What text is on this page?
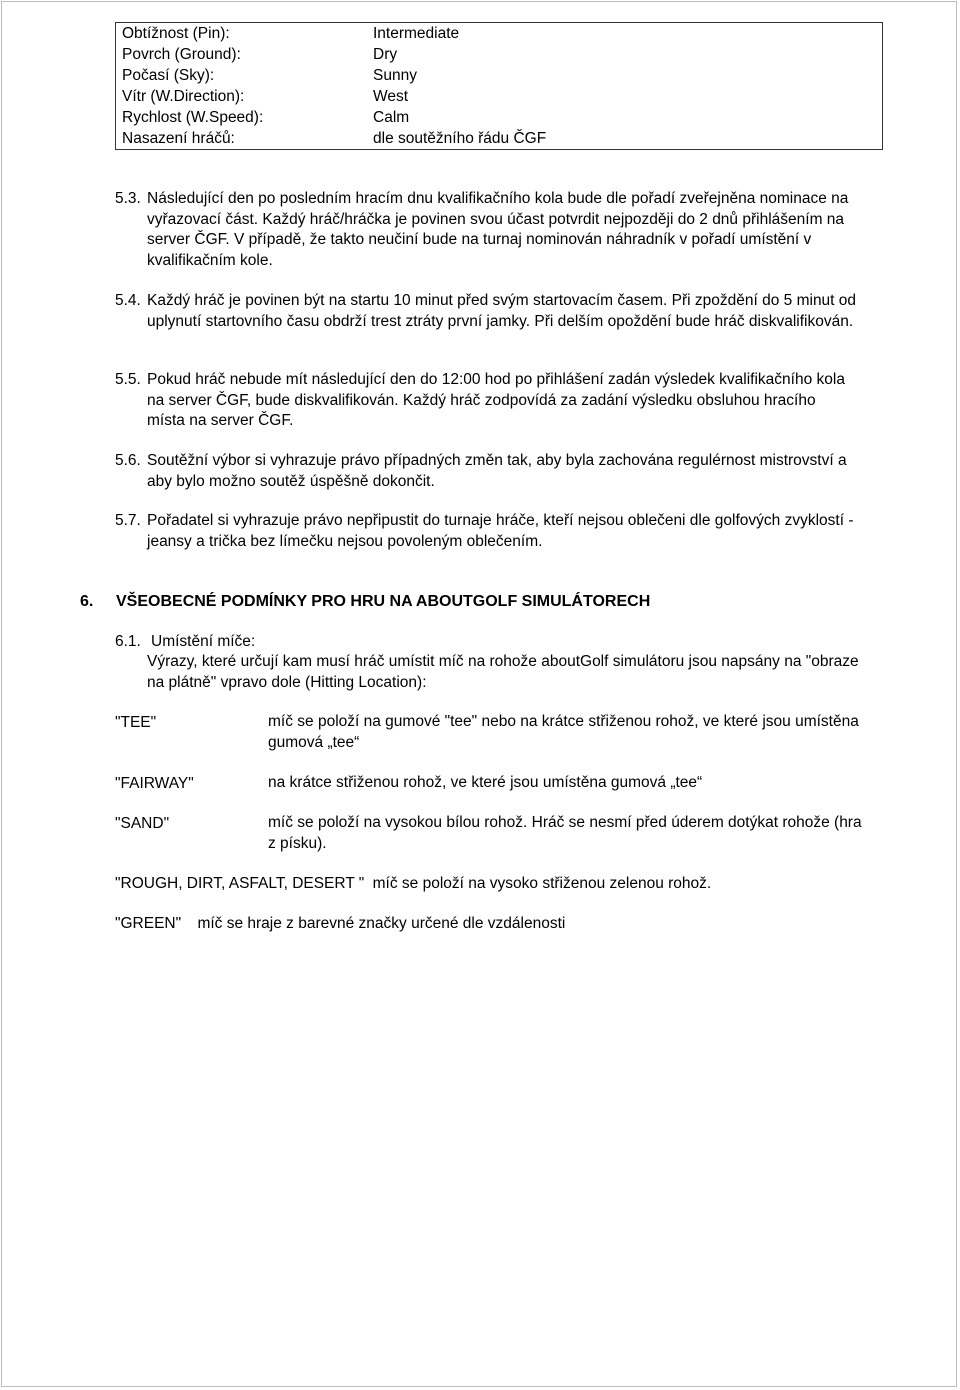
Obtížnost (Pin):	Intermediate
Povrch (Ground):	Dry
Počasí (Sky):	Sunny
Vítr (W.Direction):	West
Rychlost (W.Speed):	Calm
Nasazení hráčů:	dle soutěžního řádu ČGF
5.3. Následující den po posledním hracím dnu kvalifikačního kola bude dle pořadí zveřejněna nominace na vyřazovací část. Každý hráč/hráčka je povinen svou účast potvrdit nejpozději do 2 dnů přihlášením na server ČGF. V případě, že takto neučiní bude na turnaj nominován náhradník v pořadí umístění v kvalifikačním kole.
5.4. Každý hráč je povinen být na startu 10 minut před svým startovacím časem. Při zpoždění do 5 minut od uplynutí startovního času obdrží trest ztráty první jamky. Při delším opoždění bude hráč diskvalifikován.
5.5. Pokud hráč nebude mít následující den do 12:00 hod po přihlášení zadán výsledek kvalifikačního kola na server ČGF, bude diskvalifikován. Každý hráč zodpovídá za zadání výsledku obsluhou hracího místa na server ČGF.
5.6. Soutěžní výbor si vyhrazuje právo případných změn tak, aby byla zachována regulérnost mistrovství a aby bylo možno soutěž úspěšně dokončit.
5.7. Pořadatel si vyhrazuje právo nepřipustit do turnaje hráče, kteří nejsou oblečeni dle golfových zvyklostí - jeansy a trička bez límečku nejsou povoleným oblečením.
6. VŠEOBECNÉ PODMÍNKY PRO HRU NA ABOUTGOLF SIMULÁTORECH
6.1. Umístění míče:
Výrazy, které určují kam musí hráč umístit míč na rohože aboutGolf simulátoru jsou napsány na "obraze na plátně" vpravo dole (Hitting Location):
"TEE"	míč se položí na gumové "tee" nebo na krátce střiženou rohož, ve které jsou umístěna gumová „tee“
"FAIRWAY"	na krátce střiženou rohož, ve které jsou umístěna gumová „tee“
"SAND"	míč se položí na vysokou bílou rohož. Hráč se nesmí před úderem dotýkat rohože (hra z písku).
"ROUGH, DIRT, ASFALT, DESERT " míč se položí na vysoko střiženou zelenou rohož.
"GREEN" míč se hraje z barevné značky určené dle vzdálenosti
